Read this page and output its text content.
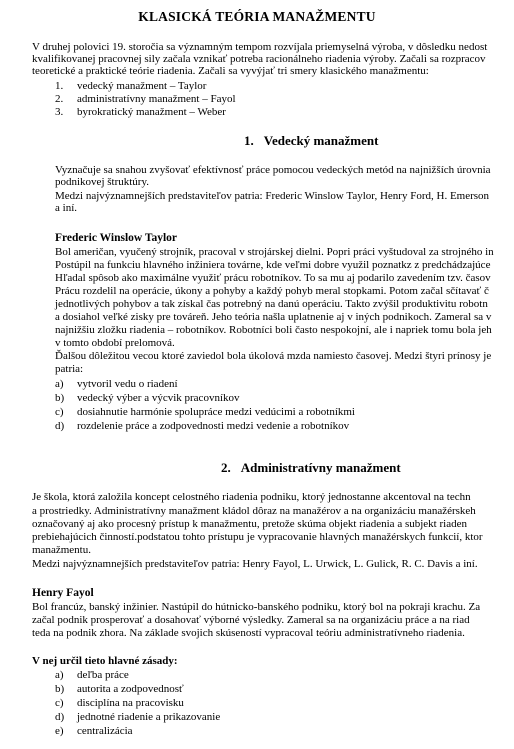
KLASICKÁ TEÓRIA MANAŽMENTU
V druhej polovici 19. storočia sa významným tempom rozvíjala priemyselná výroba, v dôsledku nedost
kvalifikovanej pracovnej sily začala vznikať potreba racionálneho riadenia výroby. Začali sa rozpracov
teoretické a praktické teórie riadenia. Začali sa vyvýjať tri smery klasického manažmentu:
1. vedecký manažment – Taylor
2. administratívny manažment – Fayol
3. byrokratický manažment – Weber
1. Vedecký manažment
Vyznačuje sa snahou zvyšovať efektívnosť práce pomocou vedeckých metód na najnižších úrovnia
podnikovej štruktúry.
Medzi najvýznamnejších predstaviteľov patria: Frederic Winslow Taylor, Henry Ford, H. Emerson
a iní.
Frederic Winslow Taylor
Bol američan, vyučený strojník, pracoval v strojárskej dielni. Popri práci vyštudoval za strojného in
Postúpil na funkciu hlavného inžiniera továrne, kde veľmi dobre využil poznatkz z predchádzajúce
Hľadal spôsob ako maximálne využiť prácu robotníkov. To sa mu aj podarilo zavedením tzv. časov
Prácu rozdelil na operácie, úkony a pohyby a každý pohyb meral stopkami. Potom začal sčítavať č
jednotlivých pohybov a tak získal čas potrebný na danú operáciu. Takto zvýšil produktivitu robotn
a dosiahol veľké zisky pre továreň. Jeho teória našla uplatnenie aj v iných podnikoch. Zameral sa v
najnižšiu zložku riadenia – robotníkov. Robotníci boli často nespokojní, ale i napriek tomu bola jeh
v tomto období prelomová.
Ďalšou dôležitou vecou ktoré zaviedol bola úkolová mzda namiesto časovej. Medzi štyri prínosy je
patria:
a) vytvoril vedu o riadení
b) vedecký výber a výcvik pracovníkov
c) dosiahnutie harmónie spolupráce medzi vedúcimi a robotníkmi
d) rozdelenie práce a zodpovednosti medzi vedenie a robotníkov
2. Administratívny manažment
Je škola, ktorá založila koncept celostného riadenia podniku, ktorý jednostanne akcentoval na techn
a prostriedky. Administratívny manažment kládol dôraz na manažérov a na organizáciu manažérskeh
označovaný aj ako procesný prístup k manažmentu, pretože skúma objekt riadenia a subjekt riaden
prebiehajúcich činností.podstatou tohto prístupu je vypracovanie hlavných manažérskych funkcií, ktor
manažmentu.
Medzi najvýznamnejších predstaviteľov patria: Henry Fayol, L. Urwick, L. Gulick, R. C. Davis a iní.
Henry Fayol
Bol francúz, banský inžinier. Nastúpil do hútnicko-banského podniku, ktorý bol na pokraji krachu. Za
začal podnik prosperovať a dosahovať výborné výsledky. Zameral sa na organizáciu práce a na riad
teda na podnik zhora. Na základe svojich skúseností vypracoval teóriu administratívneho riadenia.
V nej určil tieto hlavné zásady:
a) deľba práce
b) autorita a zodpovednosť
c) disciplína na pracovisku
d) jednotné riadenie a prikazovanie
e) centralizácia
